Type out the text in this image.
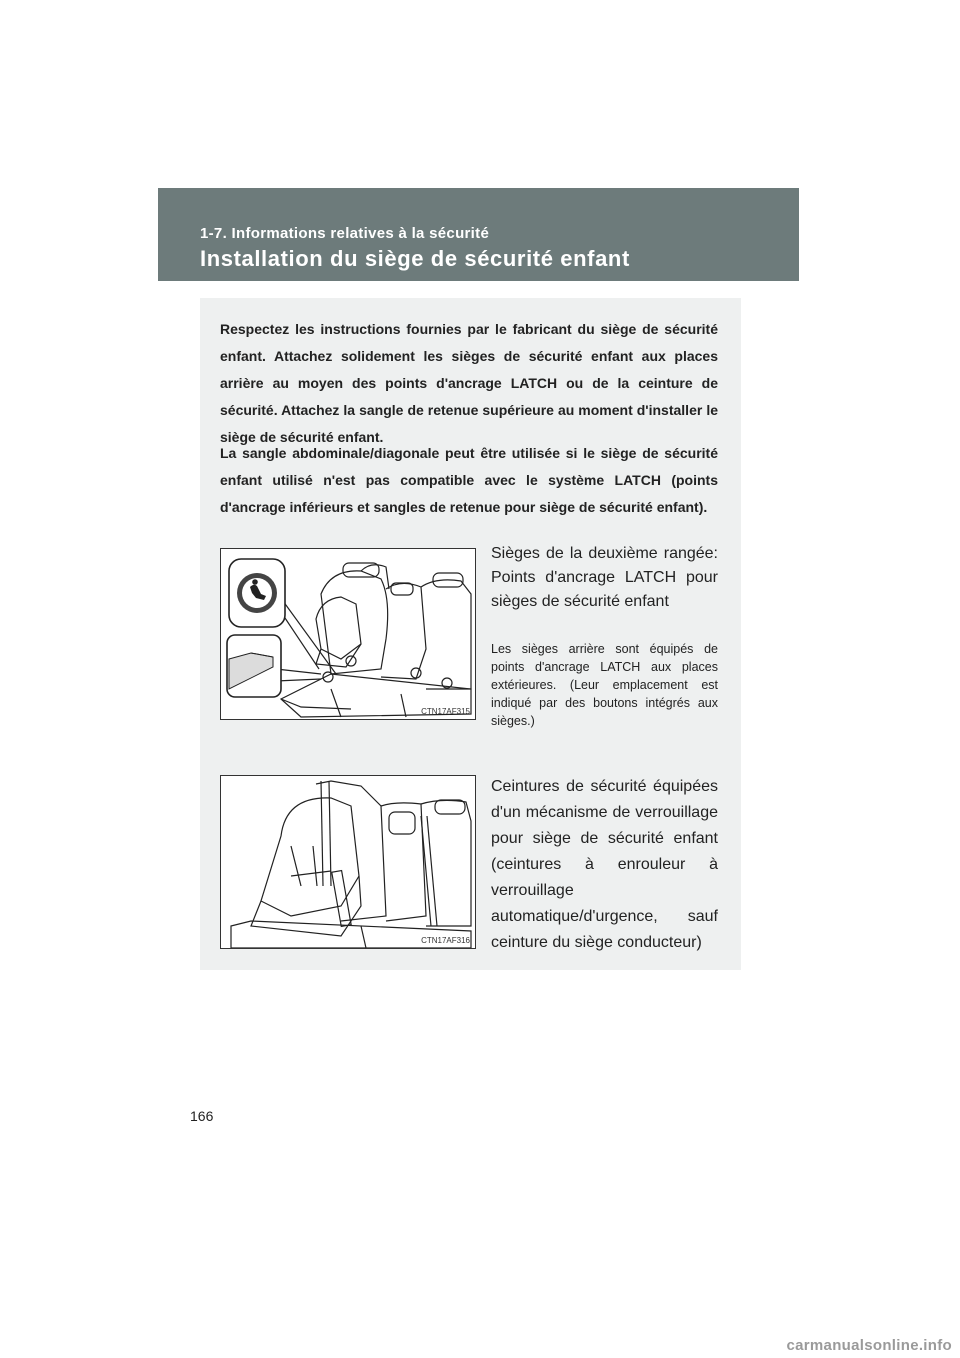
1-7. Informations relatives à la sécurité
Installation du siège de sécurité enfant

Respectez les instructions fournies par le fabricant du siège de sécurité enfant. Attachez solidement les sièges de sécurité enfant aux places arrière au moyen des points d'ancrage LATCH ou de la ceinture de sécurité. Attachez la sangle de retenue supérieure au moment d'installer le siège de sécurité enfant.

La sangle abdominale/diagonale peut être utilisée si le siège de sécurité enfant utilisé n'est pas compatible avec le système LATCH (points d'ancrage inférieurs et sangles de retenue pour siège de sécurité enfant).

CTN17AF315

Sièges de la deuxième rangée: Points d'ancrage LATCH pour sièges de sécurité enfant

Les sièges arrière sont équipés de points d'ancrage LATCH aux places extérieures. (Leur emplacement est indiqué par des boutons intégrés aux sièges.)

CTN17AF316

Ceintures de sécurité équipées d'un mécanisme de verrouillage pour siège de sécurité enfant (ceintures à enrouleur à verrouillage automatique/d'urgence, sauf ceinture du siège conducteur)

166
carmanualsonline.info
